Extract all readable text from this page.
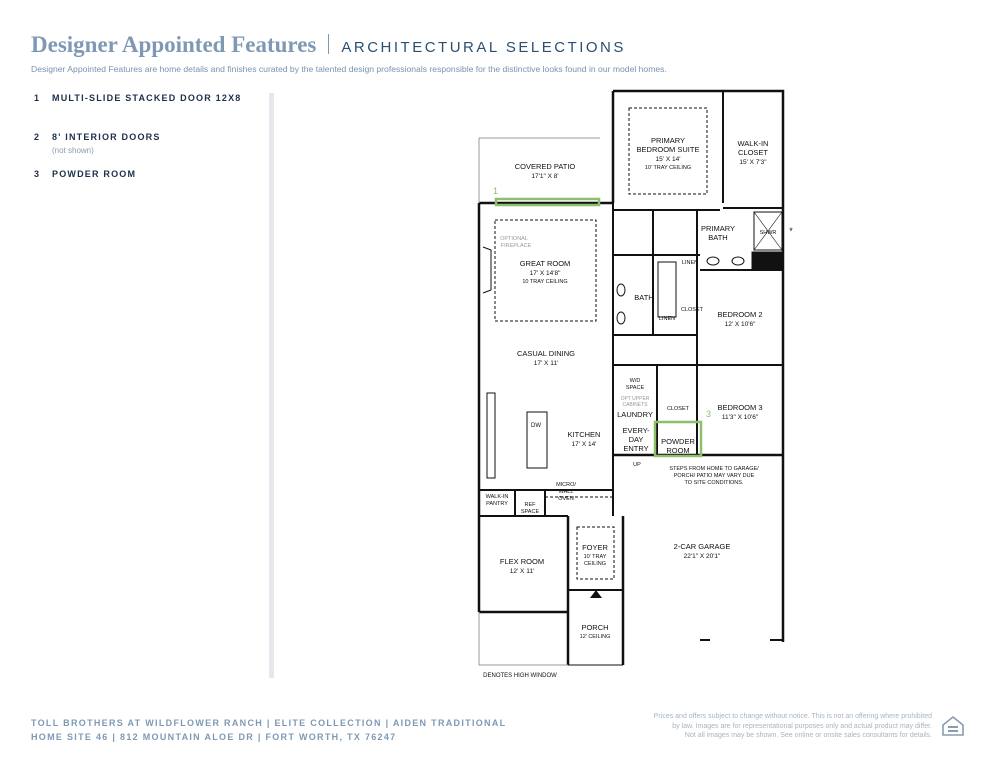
Designer Appointed Features ARCHITECTURAL SELECTIONS
Designer Appointed Features are home details and finishes curated by the talented design professionals responsible for the distinctive looks found in our model homes.
1	MULTI-SLIDE STACKED DOOR 12X8
2	8' INTERIOR DOORS
(not shown)
3	POWDER ROOM
COVERED PATIO
17'1" X 8'
PRIMARY
BEDROOM SUITE
15' X 14'
10' TRAY CEILING
WALK-IN
CLOSET
15' X 7'3"
PRIMARY
BATH	SHWR *
LINEN
OPTIONAL
FIREPLACE
GREAT ROOM
17' X 14'8"
10 TRAY CEILING
BATH
CLOSET
LINEN	BEDROOM 2
12' X 10'6"
CASUAL DINING
17' X 11'
W/D
SPACE
OPT UPPER
CABINETS
LAUNDRY
CLOSET	BEDROOM 3
11'3" X 10'6"
DW
KITCHEN
17' X 14'
EVERY-
DAY
ENTRY
POWDER
ROOM
UP
STEPS FROM HOME TO GARAGE/
PORCH/ PATIO MAY VARY DUE
TO SITE CONDITIONS.
WALK-IN
PANTRY	REF
SPACE
MICRO/
WALL
OVEN
2-CAR GARAGE
22'1" X 20'1"
FLEX ROOM
12' X 11'
FOYER
10' TRAY
CEILING
PORCH
12' CEILING
DENOTES HIGH WINDOW
1
3
TOLL BROTHERS AT WILDFLOWER RANCH | ELITE COLLECTION | AIDEN TRADITIONAL
HOME SITE 46 | 812 MOUNTAIN ALOE DR | FORT WORTH, TX 76247
Prices and offers subject to change without notice. This is not an offering where prohibited
by law. Images are for representational purposes only and actual product may differ.
Not all images may be shown. See online or onsite sales consultants for details.
